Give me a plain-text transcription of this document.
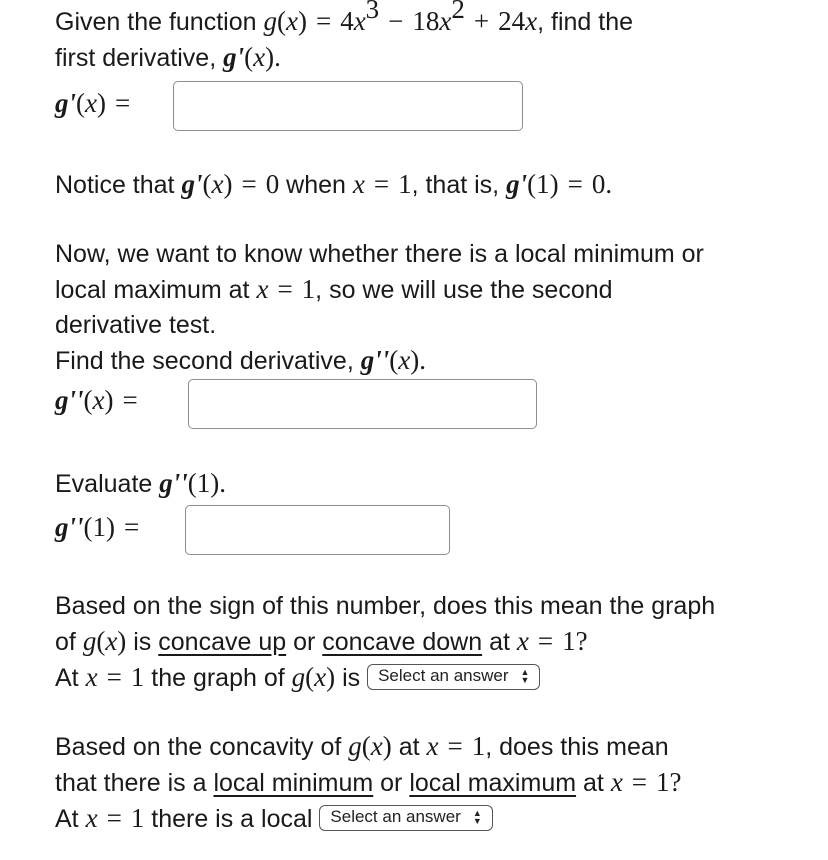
Given the function $g(x) = 4x^3 - 18x^2 + 24x$, find the
first derivative, g'(x).
g'(x) =
Notice that g'(x) = 0 when x = 1, that is, g'(1) = 0.
Now, we want to know whether there is a local minimum or
local maximum at x = 1, so we will use the second
derivative test.
Find the second derivative, g''(x).
g''(x) =
Evaluate g''(1).
g''(1) =
Based on the sign of this number, does this mean the graph
of g(x) is concave up or concave down at x = 1?
At x = 1 the graph of g(x) is Select an answer ▲
▼
Based on the concavity of g(x) at x = 1, does this mean
that there is a local minimum or local maximum at x = 1?
At x = 1 there is a local Select an answer ▲
▼
